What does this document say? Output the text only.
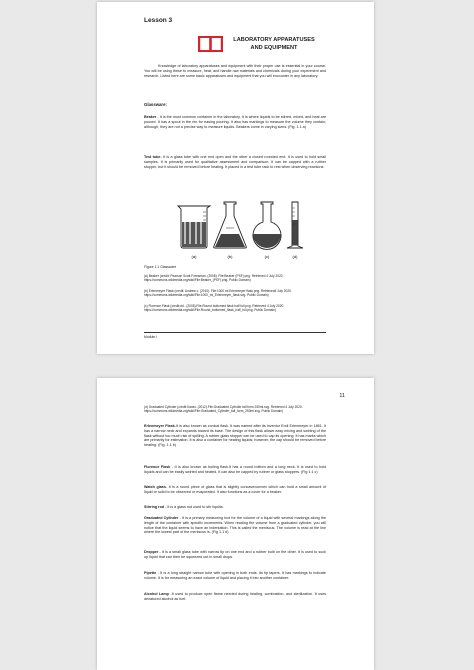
Lesson 3
LABORATORY APPARATUSES
AND EQUIPMENT

Knowledge of laboratory apparatuses and equipment with their proper use is essential in your course. You will be using these to measure, heat, and handle raw materials and chemicals during your experiment and research. Listed here are some basic apparatuses and equipment that you will encounter in any laboratory.

Glassware:

Beaker - It is the most common container in the laboratory. It is where liquids to be stirred, mixed, and heat are poured. It has a spout in the rim for easing pouring. It also has markings to measure the volume they contain; although, they are not a precise way to measure liquids. Beakers come in varying sizes. (Fig. 1.1 a)

Test tube- It is a glass tube with one end open and the other a closed rounded end. It is used to hold small samples. It is primarily used for qualitative assessment and comparison. It can be capped with a rubber stopper, but it should be removed before heating. It placed in a test tube rack to rest when observing reactions.

(a)	(b)	(c)	(d)
Figure 1.1 Glassware
(a) Beaker (credit: Pearson Scott Foresman. (2008). File:Beaker (PSF).png. Retrieved 4 July 2020. https://commons.wikimedia.org/wiki/File:Beaker_(PSF).png. Public Domain)
(b) Erlenmeyer Flask (credit: Andrew c. (2010). File:1000 ml Erlenmeyer flask.png. Retrieved4 July 2020. https://commons.wikimedia.org/wiki/File:1000_ml_Erlenmeyer_flask.svg. Public Domain)
(c) Florence Flask (credit:dd.. (2005).File:Round bottomed flask half full.png. Retrieved 4 July 2020. https://commons.wikimedia.org/wiki/File:Round_bottomed_flask_half_full.png. Public Domain)
Module I
11
(d) Graduated Cylinder (credit:Xavax. (2012).File:Graduated Cylinder tall form 250ml.svg. Retrieved 4 July 2020. https://commons.wikimedia.org/wiki/File:Graduated_Cylinder_tall_form_250ml.svg. Public Domain)

Erlenmeyer Flask-It is also known as conical flask. It was named after its inventor Emil Erlenmeyer in 1861. It has a narrow neck and expands toward its base. The design of this flask allows easy mixing and swirling of the flask without too much risk of spilling. A rubber glass stopper can be used to cap its opening. It has marks which are primarily for estimation. It is also a container for heating liquids; however, the cap should be removed before heating. (Fig. 1.1 b)

Florence Flask - It is also known as boiling flask.It has a round bottom and a long neck. It is used to hold liquids and can be easily swirled and heated. It can also be capped by rubber or glass stoppers. (Fig 1.1 c)

Watch glass- It is a round piece of glass that is slightly concave/convex which can hold a small amount of liquid or solid to be observed or evaporated. It also functions as a cover for a beaker.

Stirring rod - It is a glass rod used to stir liquids.

Graduated Cylinder - It is a primary measuring tool for the volume of a liquid with several markings along the length of the container with specific increments. When reading the volume from a graduated cylinder, you will notice that the liquid seems to have an indentation. This is called the meniscus. The volume is read at the line where the lowest part of the meniscus is. (Fig 1.1 d)

Dropper - It is a small glass tube with narrow tip on one end and a rubber bulb on the other. It is used to suck up liquid that can then be squeezed out in small drops.

Pipette - It is a long straight narrow tube with opening in both ends. Its tip tapers. It has markings to indicate volume. It is for measuring an exact volume of liquid and placing it into another container.

Alcohol Lamp -It used to produce open flame needed during heating, combustion, and sterilization. It uses denatured alcohol as fuel.
